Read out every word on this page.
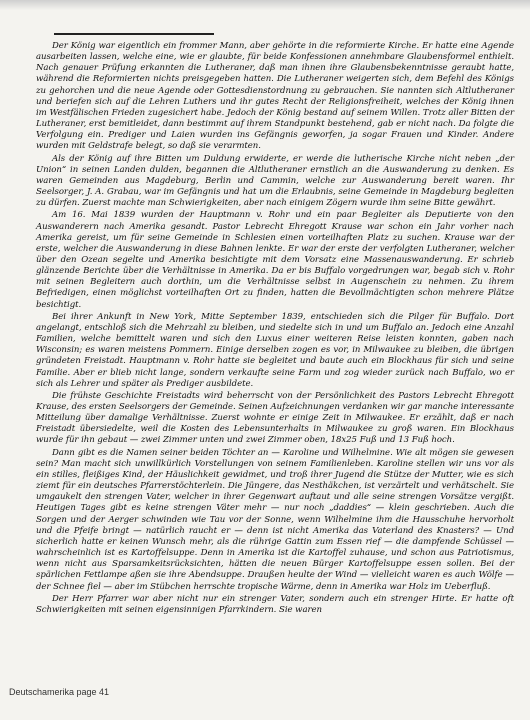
Der König war eigentlich ein frommer Mann, aber gehörte in die reformierte Kirche. Er hatte eine Agende ausarbeiten lassen, welche eine, wie er glaubte, für beide Konfessionen annehmbare Glaubensformel enthielt. Nach genauer Prüfung erkannten die Lutheraner, daß man ihnen ihre Glaubensbekenntnisse geraubt hatte, während die Reformierten nichts preisgegeben hatten. Die Lutheraner weigerten sich, dem Befehl des Königs zu gehorchen und die neue Agende oder Gottesdienstordnung zu gebrauchen. Sie nannten sich Altlutheraner und beriefen sich auf die Lehren Luthers und ihr gutes Recht der Religionsfreiheit, welches der König ihnen im Westfälischen Frieden zugesichert habe. Jedoch der König bestand auf seinem Willen. Trotz aller Bitten der Lutheraner, erst bemitleidet, dann bestimmt auf ihrem Standpunkt bestehend, gab er nicht nach. Da folgte die Verfolgung ein. Prediger und Laien wurden ins Gefängnis geworfen, ja sogar Frauen und Kinder. Andere wurden mit Geldstrafe belegt, so daß sie verarmten.

Als der König auf ihre Bitten um Duldung erwiderte, er werde die lutherische Kirche nicht neben „der Union“ in seinen Landen dulden, begannen die Altlutheraner ernstlich an die Auswanderung zu denken. Es waren Gemeinden aus Magdeburg, Berlin und Cammin, welche zur Auswanderung bereit waren. Ihr Seelsorger, J. A. Grabau, war im Gefängnis und hat um die Erlaubnis, seine Gemeinde in Magdeburg begleiten zu dürfen. Zuerst machte man Schwierigkeiten, aber nach einigem Zögern wurde ihm seine Bitte gewährt.

Am 16. Mai 1839 wurden der Hauptmann v. Rohr und ein paar Begleiter als Deputierte von den Auswanderern nach Amerika gesandt. Pastor Lebrecht Ehregott Krause war schon ein Jahr vorher nach Amerika gereist, um für seine Gemeinde in Schlesien einen vorteilhaften Platz zu suchen. Krause war der erste, welcher die Auswanderung in diese Bahnen lenkte. Er war der erste der verfolgten Lutheraner, welcher über den Ozean segelte und Amerika besichtigte mit dem Vorsatz eine Massenauswanderung. Er schrieb glänzende Berichte über die Verhältnisse in Amerika. Da er bis Buffalo vorgedrungen war, begab sich v. Rohr mit seinen Begleitern auch dorthin, um die Verhältnisse selbst in Augenschein zu nehmen. Zu ihrem Befriedigen, einen möglichst vorteilhaften Ort zu finden, hatten die Bevollmächtigten schon mehrere Plätze besichtigt.

Bei ihrer Ankunft in New York, Mitte September 1839, entschieden sich die Pilger für Buffalo. Dort angelangt, entschloß sich die Mehrzahl zu bleiben, und siedelte sich in und um Buffalo an. Jedoch eine Anzahl Familien, welche bemittelt waren und sich den Luxus einer weiteren Reise leisten konnten, gaben nach Wisconsin; es waren meistens Pommern. Einige derselben zogen es vor, in Milwaukee zu bleiben, die übrigen gründeten Freistadt. Hauptmann v. Rohr hatte sie begleitet und baute auch ein Blockhaus für sich und seine Familie. Aber er blieb nicht lange, sondern verkaufte seine Farm und zog wieder zurück nach Buffalo, wo er sich als Lehrer und später als Prediger ausbildete.

Die frühste Geschichte Freistadts wird beherrscht von der Persönlichkeit des Pastors Lebrecht Ehregott Krause, des ersten Seelsorgers der Gemeinde. Seinen Aufzeichnungen verdanken wir gar manche interessante Mitteilung über damalige Verhältnisse. Zuerst wohnte er einige Zeit in Milwaukee. Er erzählt, daß er nach Freistadt übersiedelte, weil die Kosten des Lebensunterhalts in Milwaukee zu groß waren. Ein Blockhaus wurde für ihn gebaut — zwei Zimmer unten und zwei Zimmer oben, 18x25 Fuß und 13 Fuß hoch.

Dann gibt es die Namen seiner beiden Töchter an — Karoline und Wilhelmine. Wie alt mögen sie gewesen sein? Man macht sich unwillkürlich Vorstellungen von seinem Familienleben. Karoline stellen wir uns vor als ein stilles, fleißiges Kind, der Häuslichkeit gewidmet, und troß ihrer Jugend die Stütze der Mutter, wie es sich ziemt für ein deutsches Pfarrerstöchterlein. Die Jüngere, das Nesthäkchen, ist verzärtelt und verhätschelt. Sie umgaukelt den strengen Vater, welcher in ihrer Gegenwart auftaut und alle seine strengen Vorsätze vergißt. Heutigen Tages gibt es keine strengen Väter mehr — nur noch „daddies“ — klein geschrieben. Auch die Sorgen und der Aerger schwinden wie Tau vor der Sonne, wenn Wilhelmine ihm die Hausschuhe hervorholt und die Pfeife bringt — natürlich raucht er — denn ist nicht Amerika das Vaterland des Knasters? — Und sicherlich hatte er keinen Wunsch mehr, als die rührige Gattin zum Essen rief — die dampfende Schüssel — wahrscheinlich ist es Kartoffelsuppe. Denn in Amerika ist die Kartoffel zuhause, und schon aus Patriotismus, wenn nicht aus Sparsamkeitsrücksichten, hätten die neuen Bürger Kartoffelsuppe essen sollen. Bei der spärlichen Fettlampe aßen sie ihre Abendsuppe. Draußen heulte der Wind — vielleicht waren es auch Wölfe — der Schnee fiel — aber im Stübchen herrschte tropische Wärme, denn in Amerika war Holz im Ueberfluß.

Der Herr Pfarrer war aber nicht nur ein strenger Vater, sondern auch ein strenger Hirte. Er hatte oft Schwierigkeiten mit seinen eigensinnigen Pfarrkindern. Sie waren

Deutschamerika page 41
